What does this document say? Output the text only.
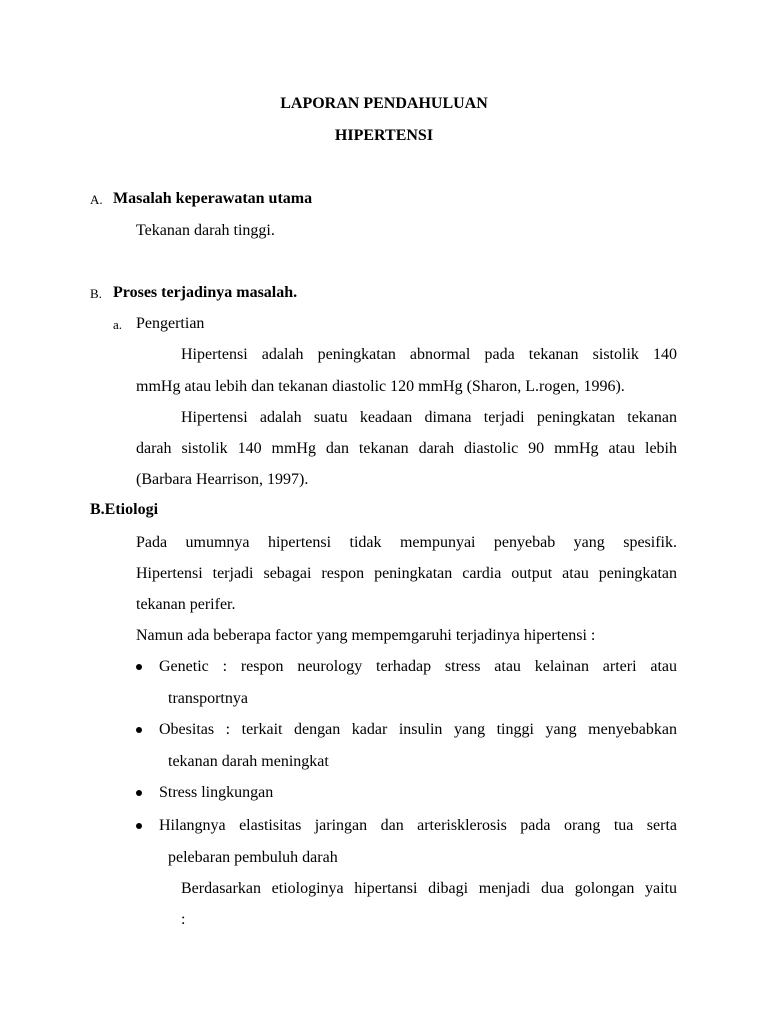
LAPORAN PENDAHULUAN
HIPERTENSI
A. Masalah keperawatan utama
Tekanan darah tinggi.
B. Proses terjadinya masalah.
a. Pengertian
Hipertensi adalah peningkatan abnormal pada tekanan sistolik 140
mmHg atau lebih dan tekanan diastolic 120 mmHg (Sharon, L.rogen, 1996).
Hipertensi adalah suatu keadaan dimana terjadi peningkatan tekanan
darah sistolik 140 mmHg dan tekanan darah diastolic 90 mmHg atau lebih
(Barbara Hearrison, 1997).
B.Etiologi
Pada umumnya hipertensi tidak mempunyai penyebab yang spesifik.
Hipertensi terjadi sebagai respon peningkatan cardia output atau peningkatan
tekanan perifer.
Namun ada beberapa factor yang mempemgaruhi terjadinya hipertensi :
Genetic : respon neurology terhadap stress atau kelainan arteri atau
transportnya
Obesitas : terkait dengan kadar insulin yang tinggi yang menyebabkan
tekanan darah meningkat
Stress lingkungan
Hilangnya elastisitas jaringan dan arterisklerosis pada orang tua serta
pelebaran pembuluh darah
Berdasarkan etiologinya hipertansi dibagi menjadi dua golongan yaitu
:
